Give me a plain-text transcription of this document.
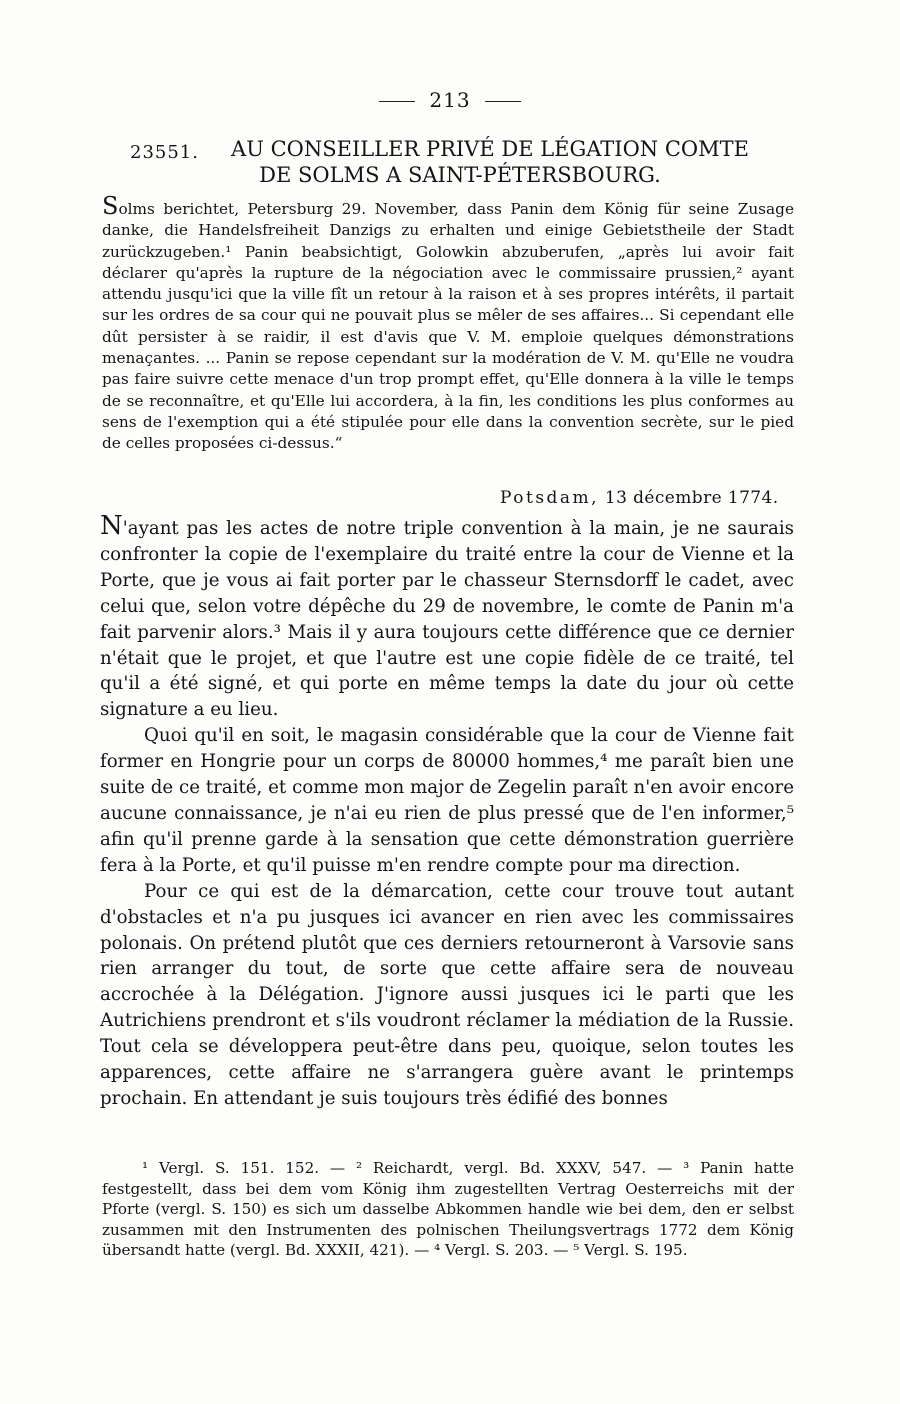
213
23551.	AU CONSEILLER PRIVÉ DE LÉGATION COMTE
DE SOLMS A SAINT-PÉTERSBOURG.

Solms berichtet, Petersburg 29. November, dass Panin dem König für seine Zusage danke, die Handelsfreiheit Danzigs zu erhalten und einige Gebietstheile der Stadt zurückzugeben.¹ Panin beabsichtigt, Golowkin abzuberufen, „après lui avoir fait déclarer qu'après la rupture de la négociation avec le commissaire prussien,² ayant attendu jusqu'ici que la ville fît un retour à la raison et à ses propres intérêts, il partait sur les ordres de sa cour qui ne pouvait plus se mêler de ses affaires... Si cependant elle dût persister à se raidir, il est d'avis que V. M. emploie quelques démonstrations menaçantes. ... Panin se repose cependant sur la modération de V. M. qu'Elle ne voudra pas faire suivre cette menace d'un trop prompt effet, qu'Elle donnera à la ville le temps de se reconnaître, et qu'Elle lui accordera, à la fin, les conditions les plus conformes au sens de l'exemption qui a été stipulée pour elle dans la convention secrète, sur le pied de celles proposées ci-dessus.“

Potsdam, 13 décembre 1774.

N'ayant pas les actes de notre triple convention à la main, je ne saurais confronter la copie de l'exemplaire du traité entre la cour de Vienne et la Porte, que je vous ai fait porter par le chasseur Sternsdorff le cadet, avec celui que, selon votre dépêche du 29 de novembre, le comte de Panin m'a fait parvenir alors.³ Mais il y aura toujours cette différence que ce dernier n'était que le projet, et que l'autre est une copie fidèle de ce traité, tel qu'il a été signé, et qui porte en même temps la date du jour où cette signature a eu lieu.

Quoi qu'il en soit, le magasin considérable que la cour de Vienne fait former en Hongrie pour un corps de 80000 hommes,⁴ me paraît bien une suite de ce traité, et comme mon major de Zegelin paraît n'en avoir encore aucune connaissance, je n'ai eu rien de plus pressé que de l'en informer,⁵ afin qu'il prenne garde à la sensation que cette démonstration guerrière fera à la Porte, et qu'il puisse m'en rendre compte pour ma direction.

Pour ce qui est de la démarcation, cette cour trouve tout autant d'obstacles et n'a pu jusques ici avancer en rien avec les commissaires polonais. On prétend plutôt que ces derniers retourneront à Varsovie sans rien arranger du tout, de sorte que cette affaire sera de nouveau accrochée à la Délégation. J'ignore aussi jusques ici le parti que les Autrichiens prendront et s'ils voudront réclamer la médiation de la Russie. Tout cela se développera peut-être dans peu, quoique, selon toutes les apparences, cette affaire ne s'arrangera guère avant le printemps prochain. En attendant je suis toujours très édifié des bonnes

¹ Vergl. S. 151. 152. — ² Reichardt, vergl. Bd. XXXV, 547. — ³ Panin hatte festgestellt, dass bei dem vom König ihm zugestellten Vertrag Oesterreichs mit der Pforte (vergl. S. 150) es sich um dasselbe Abkommen handle wie bei dem, den er selbst zusammen mit den Instrumenten des polnischen Theilungsvertrags 1772 dem König übersandt hatte (vergl. Bd. XXXII, 421). — ⁴ Vergl. S. 203. — ⁵ Vergl. S. 195.
